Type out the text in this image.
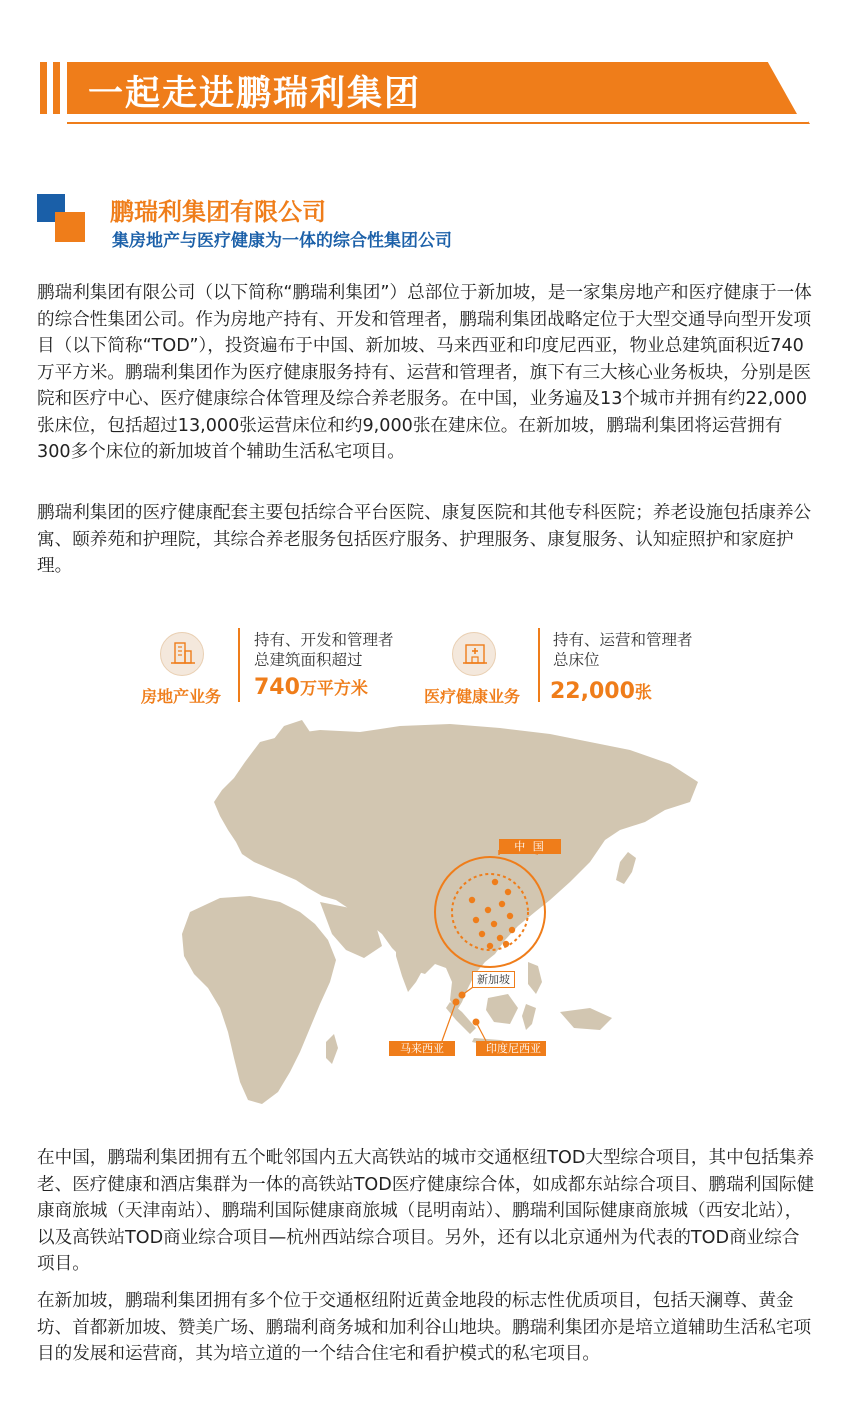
一起走进鹏瑞利集团
鹏瑞利集团有限公司
集房地产与医疗健康为一体的综合性集团公司

鹏瑞利集团有限公司（以下简称“鹏瑞利集团”）总部位于新加坡，是一家集房地产和医疗健康于一体的综合性集团公司。作为房地产持有、开发和管理者，鹏瑞利集团战略定位于大型交通导向型开发项目（以下简称“TOD”），投资遍布于中国、新加坡、马来西亚和印度尼西亚，物业总建筑面积近740万平方米。鹏瑞利集团作为医疗健康服务持有、运营和管理者，旗下有三大核心业务板块，分别是医院和医疗中心、医疗健康综合体管理及综合养老服务。在中国，业务遍及13个城市并拥有约22,000张床位，包括超过13,000张运营床位和约9,000张在建床位。在新加坡，鹏瑞利集团将运营拥有300多个床位的新加坡首个辅助生活私宅项目。

鹏瑞利集团的医疗健康配套主要包括综合平台医院、康复医院和其他专科医院；养老设施包括康养公寓、颐养苑和护理院，其综合养老服务包括医疗服务、护理服务、康复服务、认知症照护和家庭护理。

房地产业务
持有、开发和管理者
总建筑面积超过
740万平方米	医疗健康业务
持有、运营和管理者
总床位
22,000张
中 国
新加坡
马来西亚	印度尼西亚

在中国，鹏瑞利集团拥有五个毗邻国内五大高铁站的城市交通枢纽TOD大型综合项目，其中包括集养老、医疗健康和酒店集群为一体的高铁站TOD医疗健康综合体，如成都东站综合项目、鹏瑞利国际健康商旅城（天津南站）、鹏瑞利国际健康商旅城（昆明南站）、鹏瑞利国际健康商旅城（西安北站），以及高铁站TOD商业综合项目—杭州西站综合项目。另外，还有以北京通州为代表的TOD商业综合项目。

在新加坡，鹏瑞利集团拥有多个位于交通枢纽附近黄金地段的标志性优质项目，包括天澜尊、黄金坊、首都新加坡、赞美广场、鹏瑞利商务城和加利谷山地块。鹏瑞利集团亦是培立道辅助生活私宅项目的发展和运营商，其为培立道的一个结合住宅和看护模式的私宅项目。
